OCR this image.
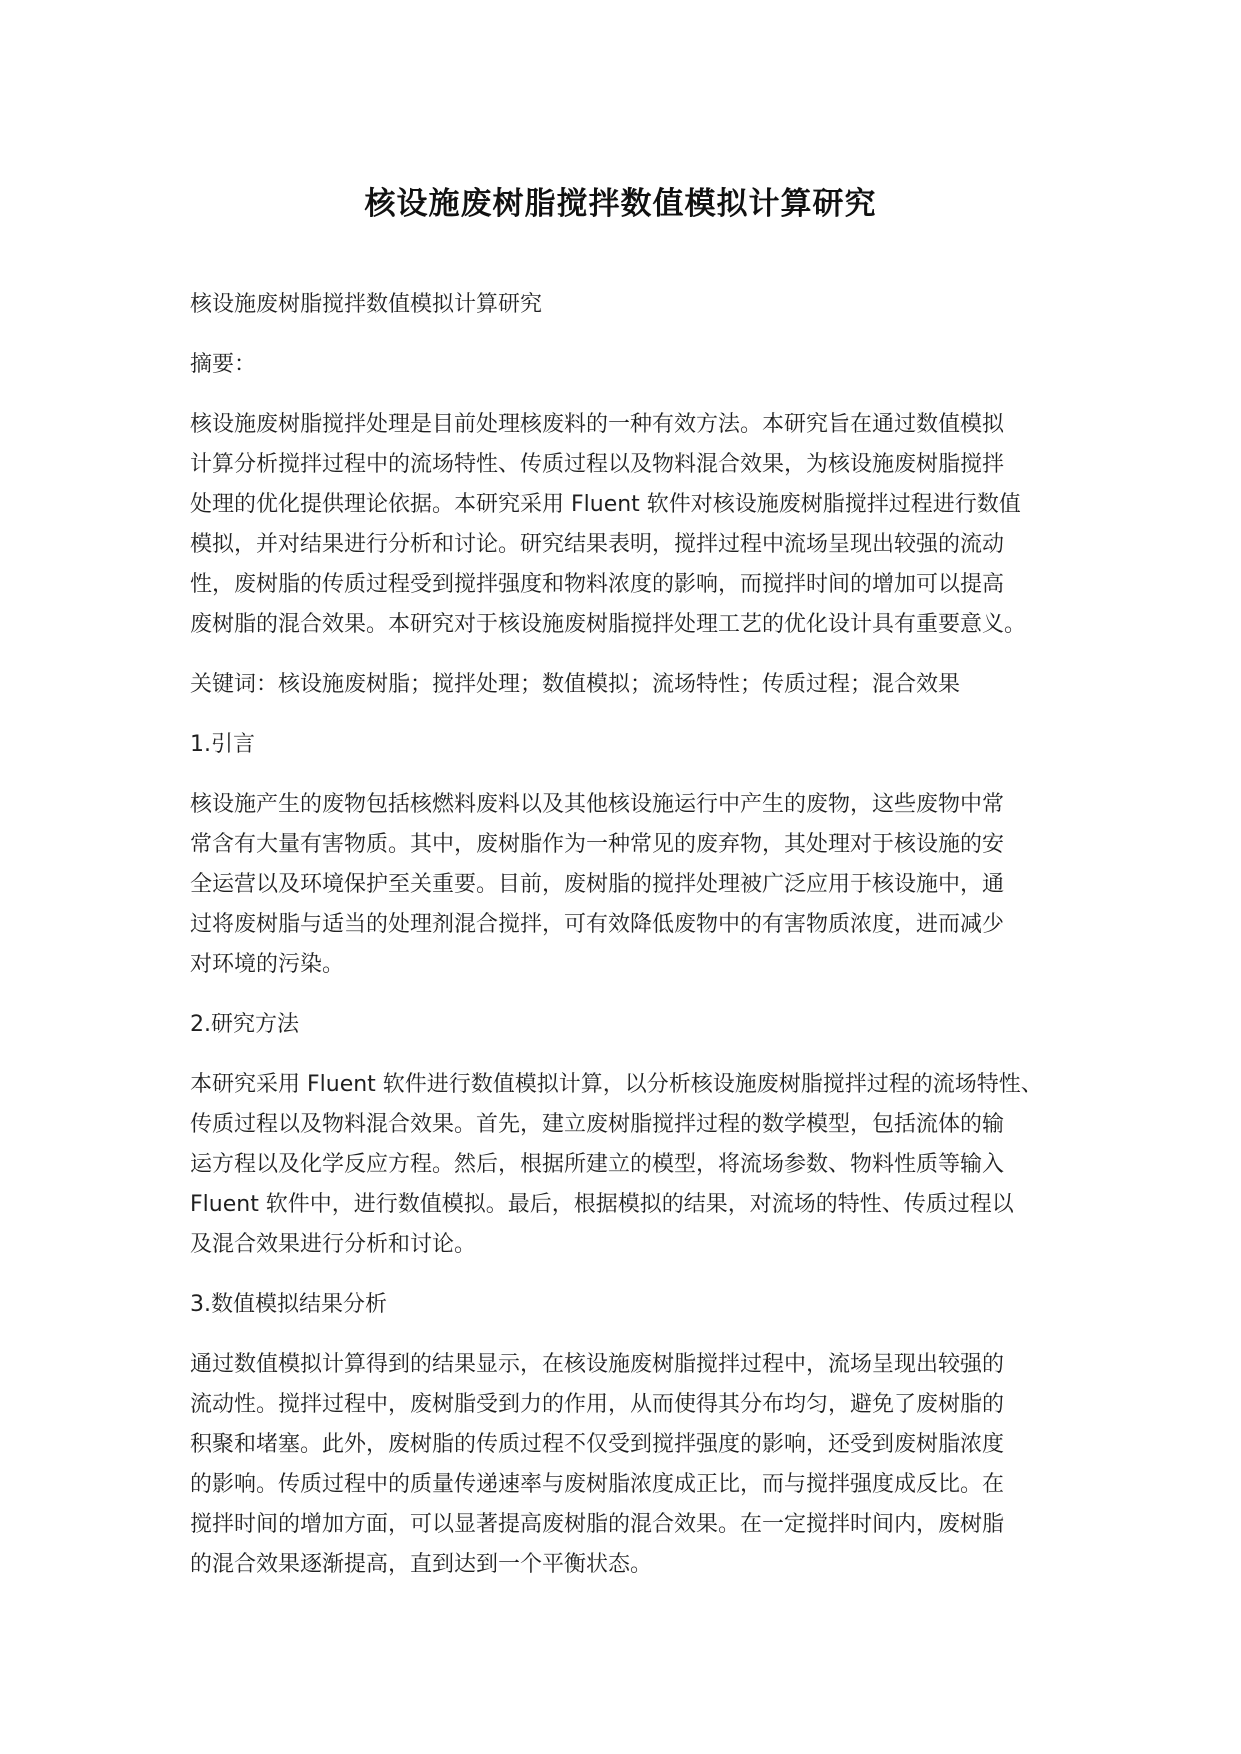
核设施废树脂搅拌数值模拟计算研究

核设施废树脂搅拌数值模拟计算研究

摘要：

核设施废树脂搅拌处理是目前处理核废料的一种有效方法。本研究旨在通过数值模拟
计算分析搅拌过程中的流场特性、传质过程以及物料混合效果，为核设施废树脂搅拌
处理的优化提供理论依据。本研究采用 Fluent 软件对核设施废树脂搅拌过程进行数值
模拟，并对结果进行分析和讨论。研究结果表明，搅拌过程中流场呈现出较强的流动
性，废树脂的传质过程受到搅拌强度和物料浓度的影响，而搅拌时间的增加可以提高
废树脂的混合效果。本研究对于核设施废树脂搅拌处理工艺的优化设计具有重要意义。

关键词：核设施废树脂；搅拌处理；数值模拟；流场特性；传质过程；混合效果

1.引言

核设施产生的废物包括核燃料废料以及其他核设施运行中产生的废物，这些废物中常
常含有大量有害物质。其中，废树脂作为一种常见的废弃物，其处理对于核设施的安
全运营以及环境保护至关重要。目前，废树脂的搅拌处理被广泛应用于核设施中，通
过将废树脂与适当的处理剂混合搅拌，可有效降低废物中的有害物质浓度，进而减少
对环境的污染。

2.研究方法

本研究采用 Fluent 软件进行数值模拟计算，以分析核设施废树脂搅拌过程的流场特性、
传质过程以及物料混合效果。首先，建立废树脂搅拌过程的数学模型，包括流体的输
运方程以及化学反应方程。然后，根据所建立的模型，将流场参数、物料性质等输入
Fluent 软件中，进行数值模拟。最后，根据模拟的结果，对流场的特性、传质过程以
及混合效果进行分析和讨论。

3.数值模拟结果分析

通过数值模拟计算得到的结果显示，在核设施废树脂搅拌过程中，流场呈现出较强的
流动性。搅拌过程中，废树脂受到力的作用，从而使得其分布均匀，避免了废树脂的
积聚和堵塞。此外，废树脂的传质过程不仅受到搅拌强度的影响，还受到废树脂浓度
的影响。传质过程中的质量传递速率与废树脂浓度成正比，而与搅拌强度成反比。在
搅拌时间的增加方面，可以显著提高废树脂的混合效果。在一定搅拌时间内，废树脂
的混合效果逐渐提高，直到达到一个平衡状态。
